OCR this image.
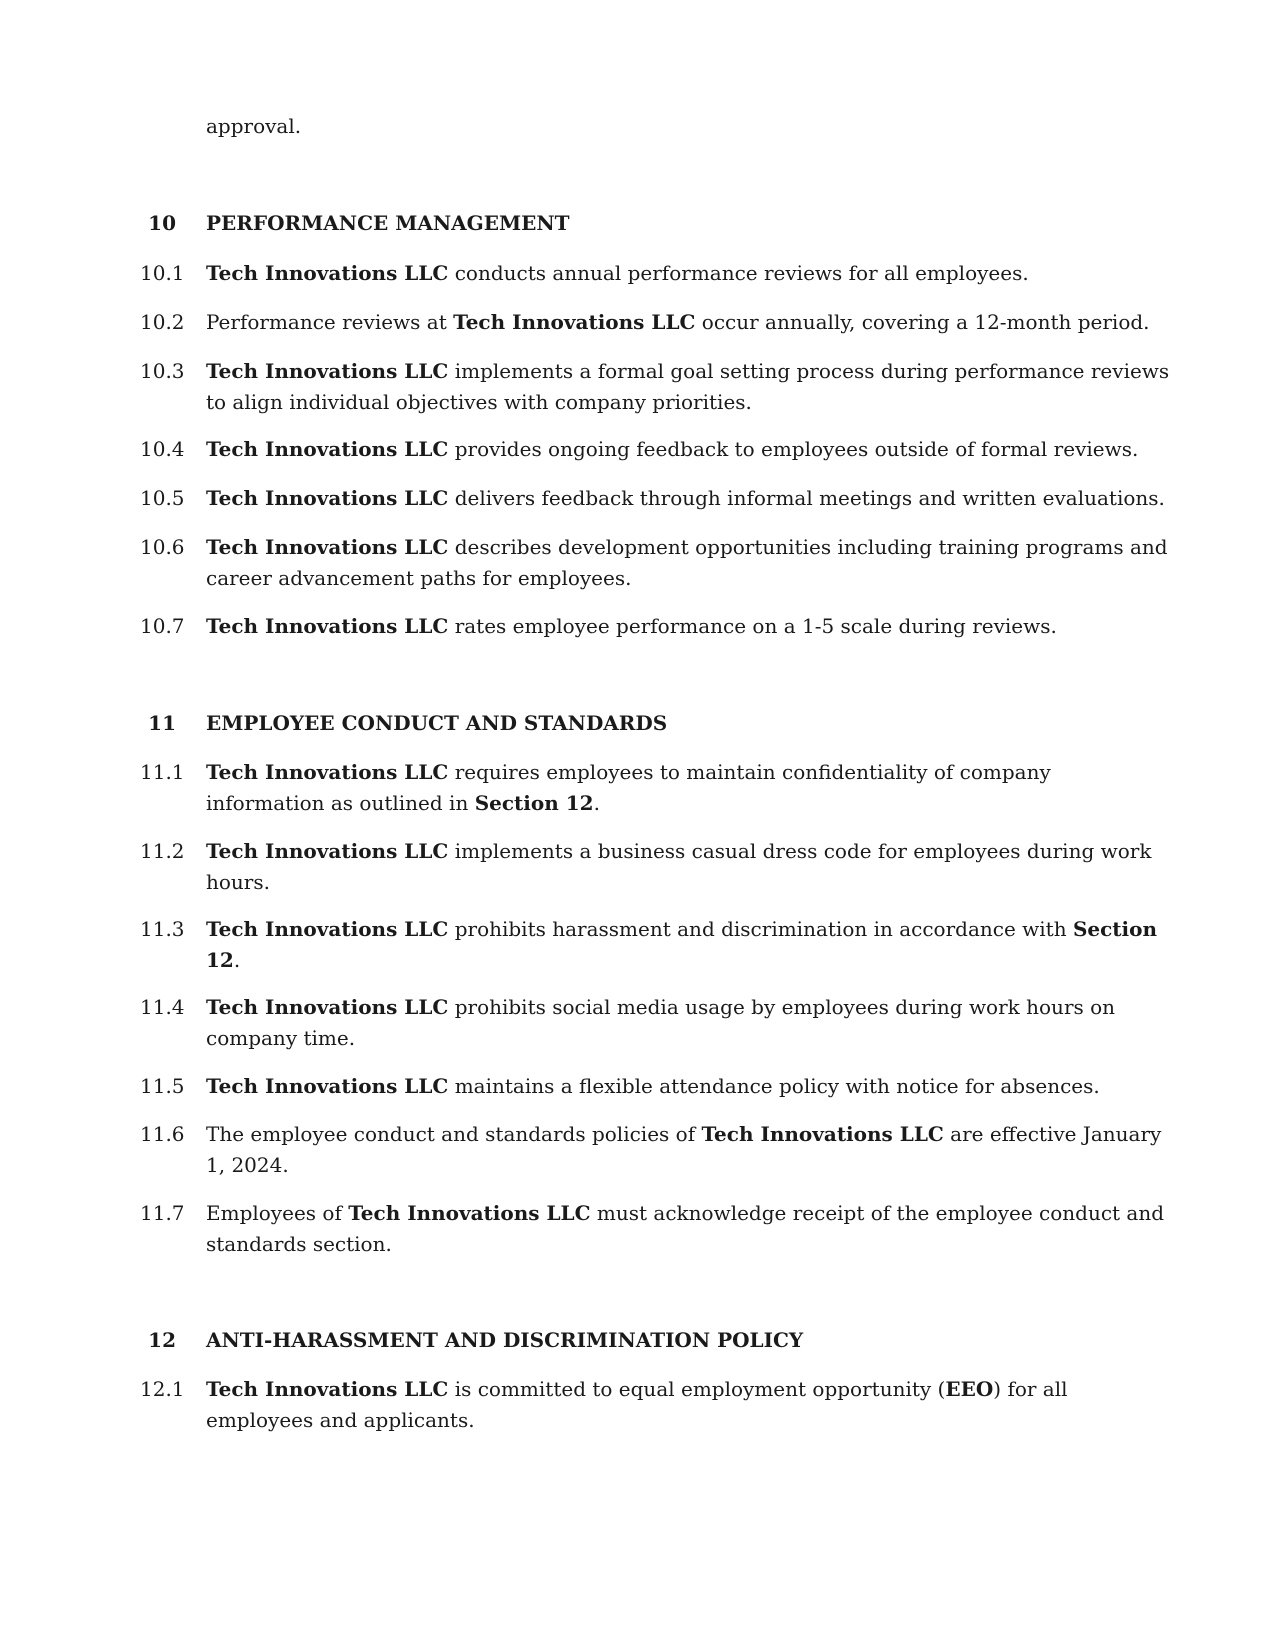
approval.
10 PERFORMANCE MANAGEMENT
10.1 Tech Innovations LLC conducts annual performance reviews for all employees.
10.2 Performance reviews at Tech Innovations LLC occur annually, covering a 12-month period.
10.3 Tech Innovations LLC implements a formal goal setting process during performance reviews
to align individual objectives with company priorities.
10.4 Tech Innovations LLC provides ongoing feedback to employees outside of formal reviews.
10.5 Tech Innovations LLC delivers feedback through informal meetings and written evaluations.
10.6 Tech Innovations LLC describes development opportunities including training programs and
career advancement paths for employees.
10.7 Tech Innovations LLC rates employee performance on a 1-5 scale during reviews.
11 EMPLOYEE CONDUCT AND STANDARDS
11.1 Tech Innovations LLC requires employees to maintain confidentiality of company
information as outlined in Section 12.
11.2 Tech Innovations LLC implements a business casual dress code for employees during work
hours.
11.3 Tech Innovations LLC prohibits harassment and discrimination in accordance with Section
12.
11.4 Tech Innovations LLC prohibits social media usage by employees during work hours on
company time.
11.5 Tech Innovations LLC maintains a flexible attendance policy with notice for absences.
11.6 The employee conduct and standards policies of Tech Innovations LLC are effective January
1, 2024.
11.7 Employees of Tech Innovations LLC must acknowledge receipt of the employee conduct and
standards section.
12 ANTI-HARASSMENT AND DISCRIMINATION POLICY
12.1 Tech Innovations LLC is committed to equal employment opportunity (EEO) for all
employees and applicants.
